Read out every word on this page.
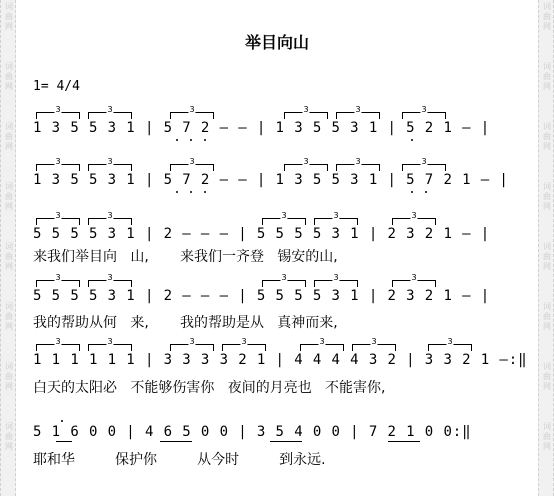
词曲网
词曲网
词曲网
词曲网
词曲网
词曲网
词曲网
词曲网
词曲网
词曲网
词曲网
词曲网
词曲网
词曲网
词曲网
词曲网
举目向山
1= 4/4
1 3 5 5 3 1 | 5 7 2 — — | 1 3 5 5 3 1 | 5 2 1 — |
1 3 5 5 3 1 | 5 7 2 — — | 1 3 5 5 3 1 | 5 7 2 1 — |
5 5 5 5 3 1 | 2 — — — | 5 5 5 5 3 1 | 2 3 2 1 — |
5 5 5 5 3 1 | 2 — — — | 5 5 5 5 3 1 | 2 3 2 1 — |
1 1 1 1 1 1 | 3 3 3 3 2 1 | 4 4 4 4 3 2 | 3 3 2 1 —:‖
5 1 6 0 0 | 4 6 5 0 0 | 3 5 4 0 0 | 7 2 1 0 0:‖
来我们举目向   山,       来我们一齐登   锡安的山,
我的帮助从何   来,       我的帮助是从   真神而来,
白天的太阳必   不能够伤害你   夜间的月亮也   不能害你,
耶和华         保护你         从今时         到永远.
3	3	3	3	3	3
3	3	3	3	3	3
3	3	3	3	3
3	3	3	3	3
3	3	3	3	3	3	3
